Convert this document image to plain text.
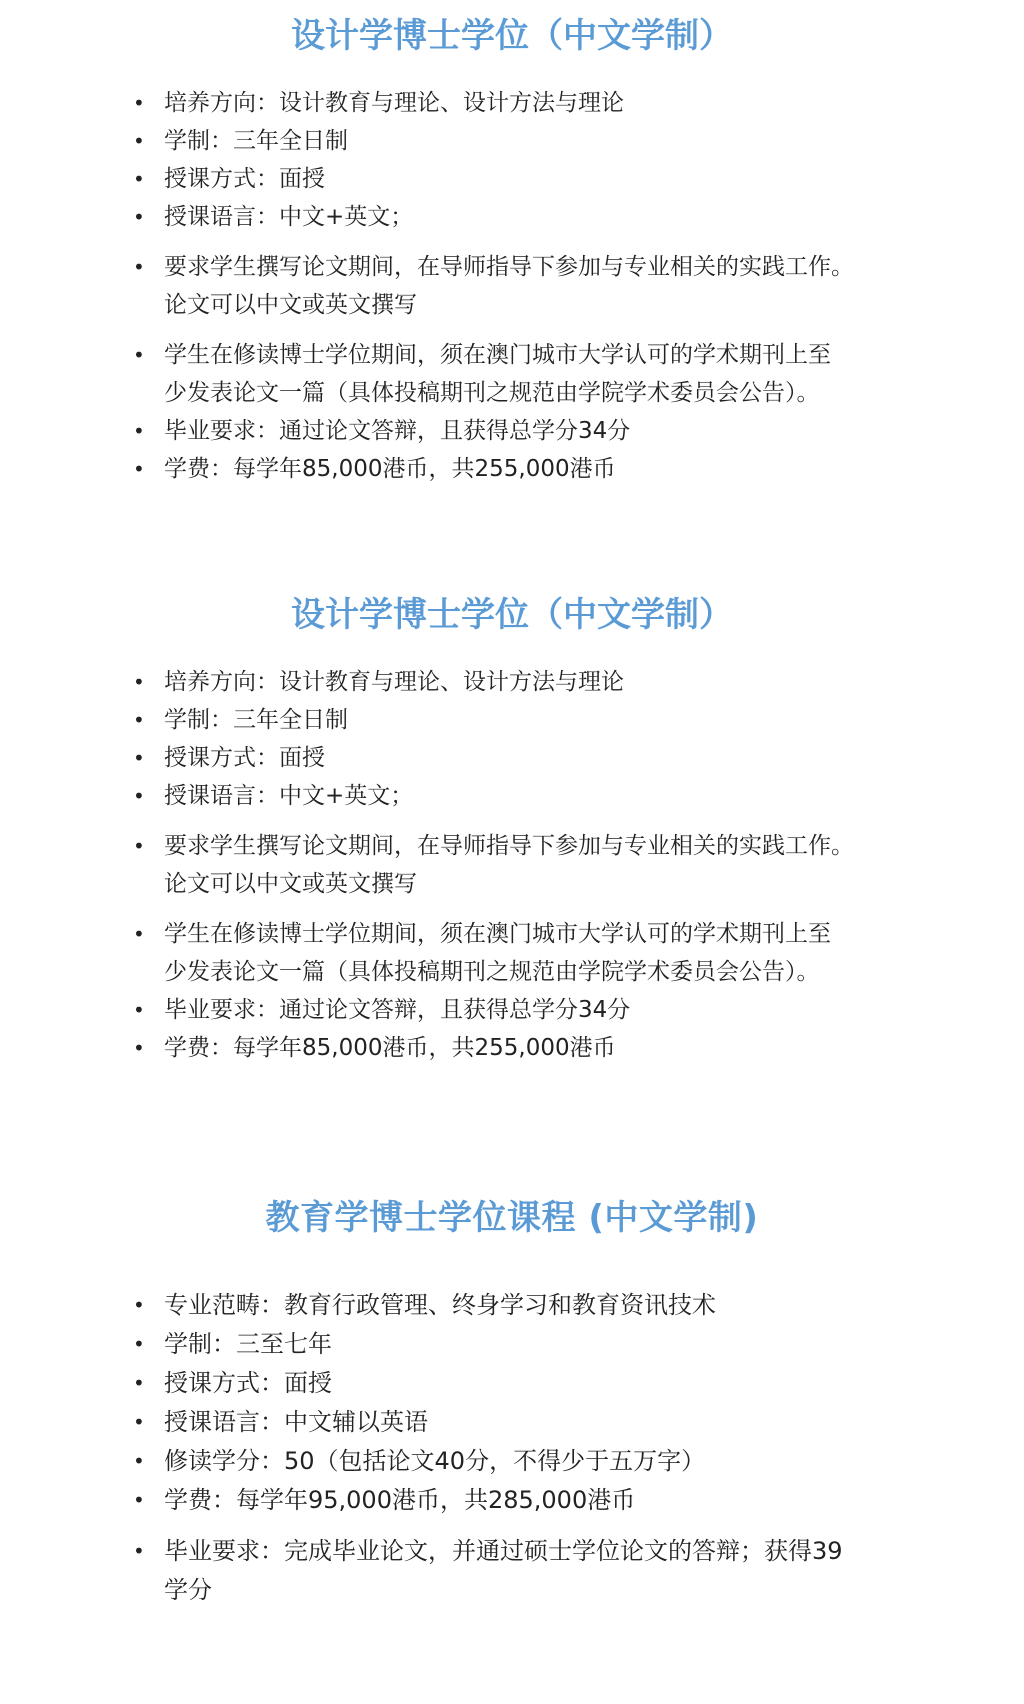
设计学博士学位（中文学制）
• 培养方向：设计教育与理论、设计方法与理论
• 学制：三年全日制
• 授课方式：面授
• 授课语言：中文+英文；
• 要求学生撰写论文期间，在导师指导下参加与专业相关的实践工作。
论文可以中文或英文撰写
• 学生在修读博士学位期间，须在澳门城市大学认可的学术期刊上至
少发表论文一篇（具体投稿期刊之规范由学院学术委员会公告）。
• 毕业要求：通过论文答辩，且获得总学分34分
• 学费：每学年85,000港币，共255,000港币
设计学博士学位（中文学制）
• 培养方向：设计教育与理论、设计方法与理论
• 学制：三年全日制
• 授课方式：面授
• 授课语言：中文+英文；
• 要求学生撰写论文期间，在导师指导下参加与专业相关的实践工作。
论文可以中文或英文撰写
• 学生在修读博士学位期间，须在澳门城市大学认可的学术期刊上至
少发表论文一篇（具体投稿期刊之规范由学院学术委员会公告）。
• 毕业要求：通过论文答辩，且获得总学分34分
• 学费：每学年85,000港币，共255,000港币
教育学博士学位课程 (中文学制)
• 专业范畴：教育行政管理、终身学习和教育资讯技术
• 学制：三至七年
• 授课方式：面授
• 授课语言：中文辅以英语
• 修读学分：50（包括论文40分，不得少于五万字）
• 学费：每学年95,000港币，共285,000港币
• 毕业要求：完成毕业论文，并通过硕士学位论文的答辩；获得39
学分
